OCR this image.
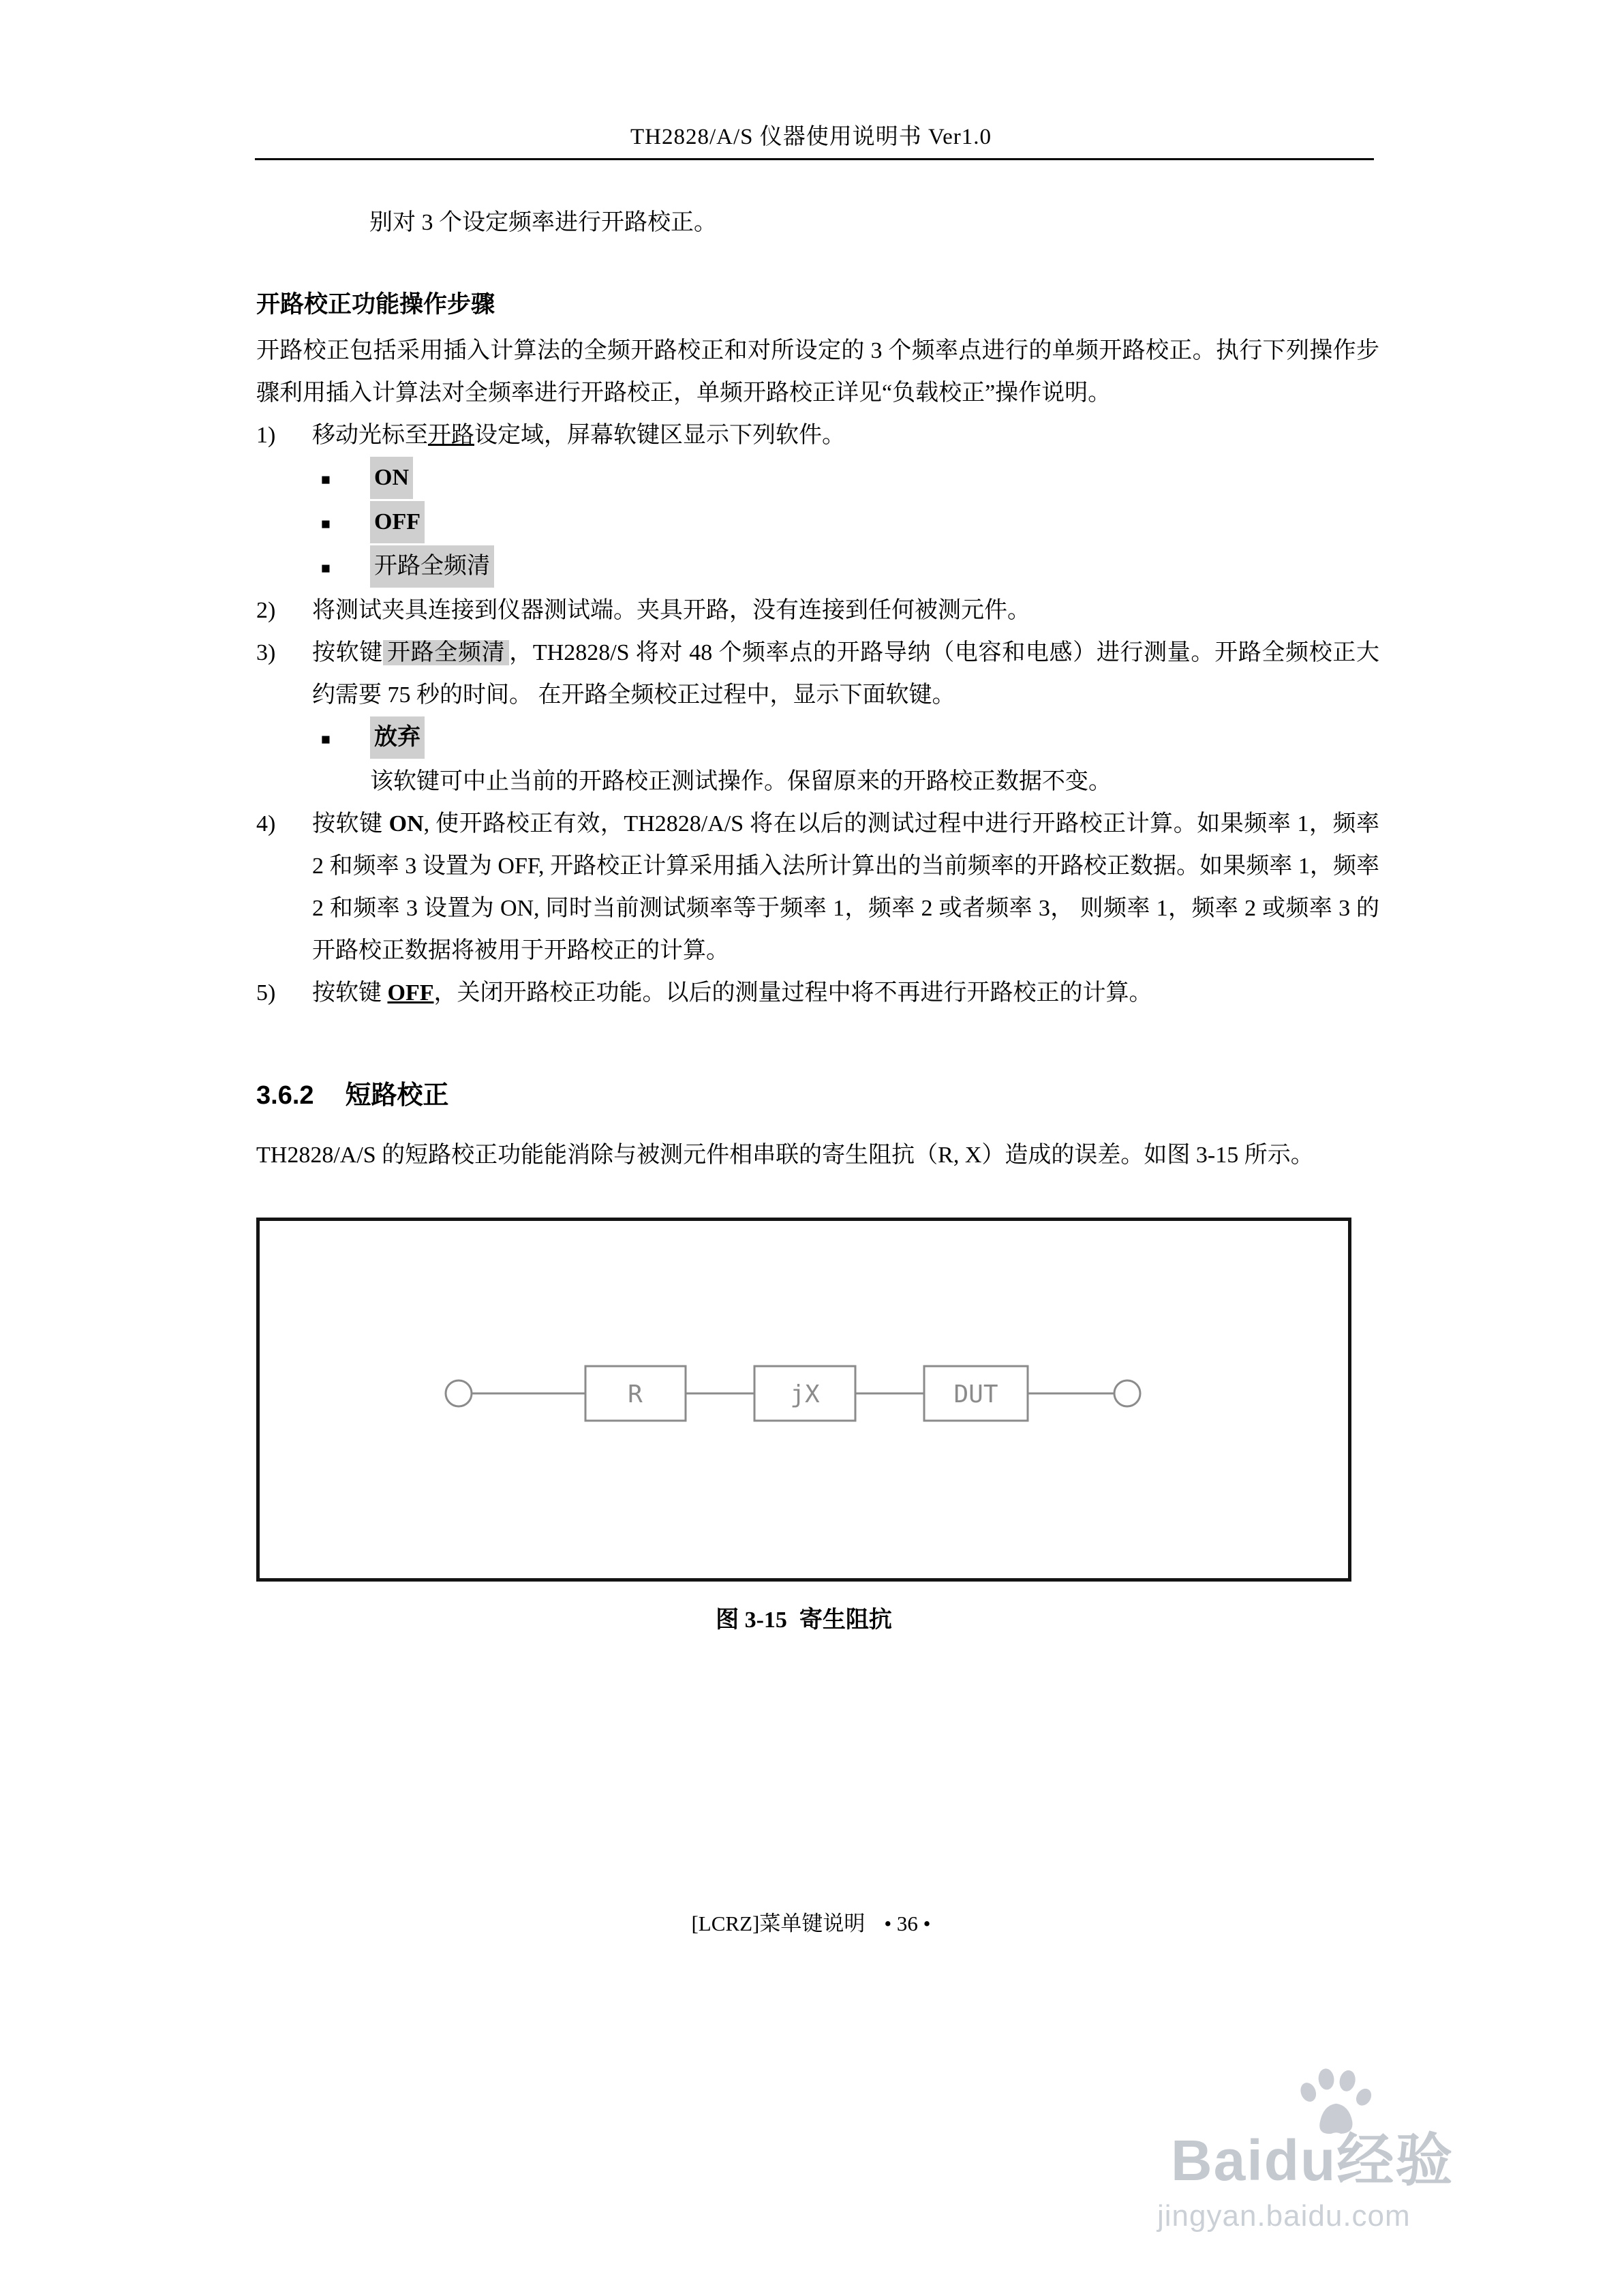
TH2828/A/S 仪器使用说明书 Ver1.0

别对 3 个设定频率进行开路校正。

开路校正功能操作步骤

开路校正包括采用插入计算法的全频开路校正和对所设定的 3 个频率点进行的单频开路校正。执行下列操作步骤利用插入计算法对全频率进行开路校正，单频开路校正详见“负载校正”操作说明。

1)	移动光标至开路设定域，屏幕软键区显示下列软件。
■	ON
■	OFF
■	开路全频清
2)	将测试夹具连接到仪器测试端。夹具开路，没有连接到任何被测元件。
3)	按软键 开路全频清 ，TH2828/S 将对 48 个频率点的开路导纳（电容和电感）进行测量。开路全频校正大约需要 75 秒的时间。 在开路全频校正过程中，显示下面软键。
■	放弃
该软键可中止当前的开路校正测试操作。保留原来的开路校正数据不变。
4)	按软键 ON, 使开路校正有效，TH2828/A/S 将在以后的测试过程中进行开路校正计算。如果频率 1，频率 2 和频率 3 设置为 OFF, 开路校正计算采用插入法所计算出的当前频率的开路校正数据。如果频率 1，频率 2 和频率 3 设置为 ON, 同时当前测试频率等于频率 1，频率 2 或者频率 3， 则频率 1，频率 2 或频率 3 的开路校正数据将被用于开路校正的计算。
5)	按软键 OFF，关闭开路校正功能。以后的测量过程中将不再进行开路校正的计算。
3.6.2 短路校正

TH2828/A/S 的短路校正功能能消除与被测元件相串联的寄生阻抗（R, X）造成的误差。如图 3-15 所示。

R	jX	DUT
图 3-15 寄生阻抗
[LCRZ]菜单键说明 • 36 •
Baidu经验
jingyan.baidu.com
